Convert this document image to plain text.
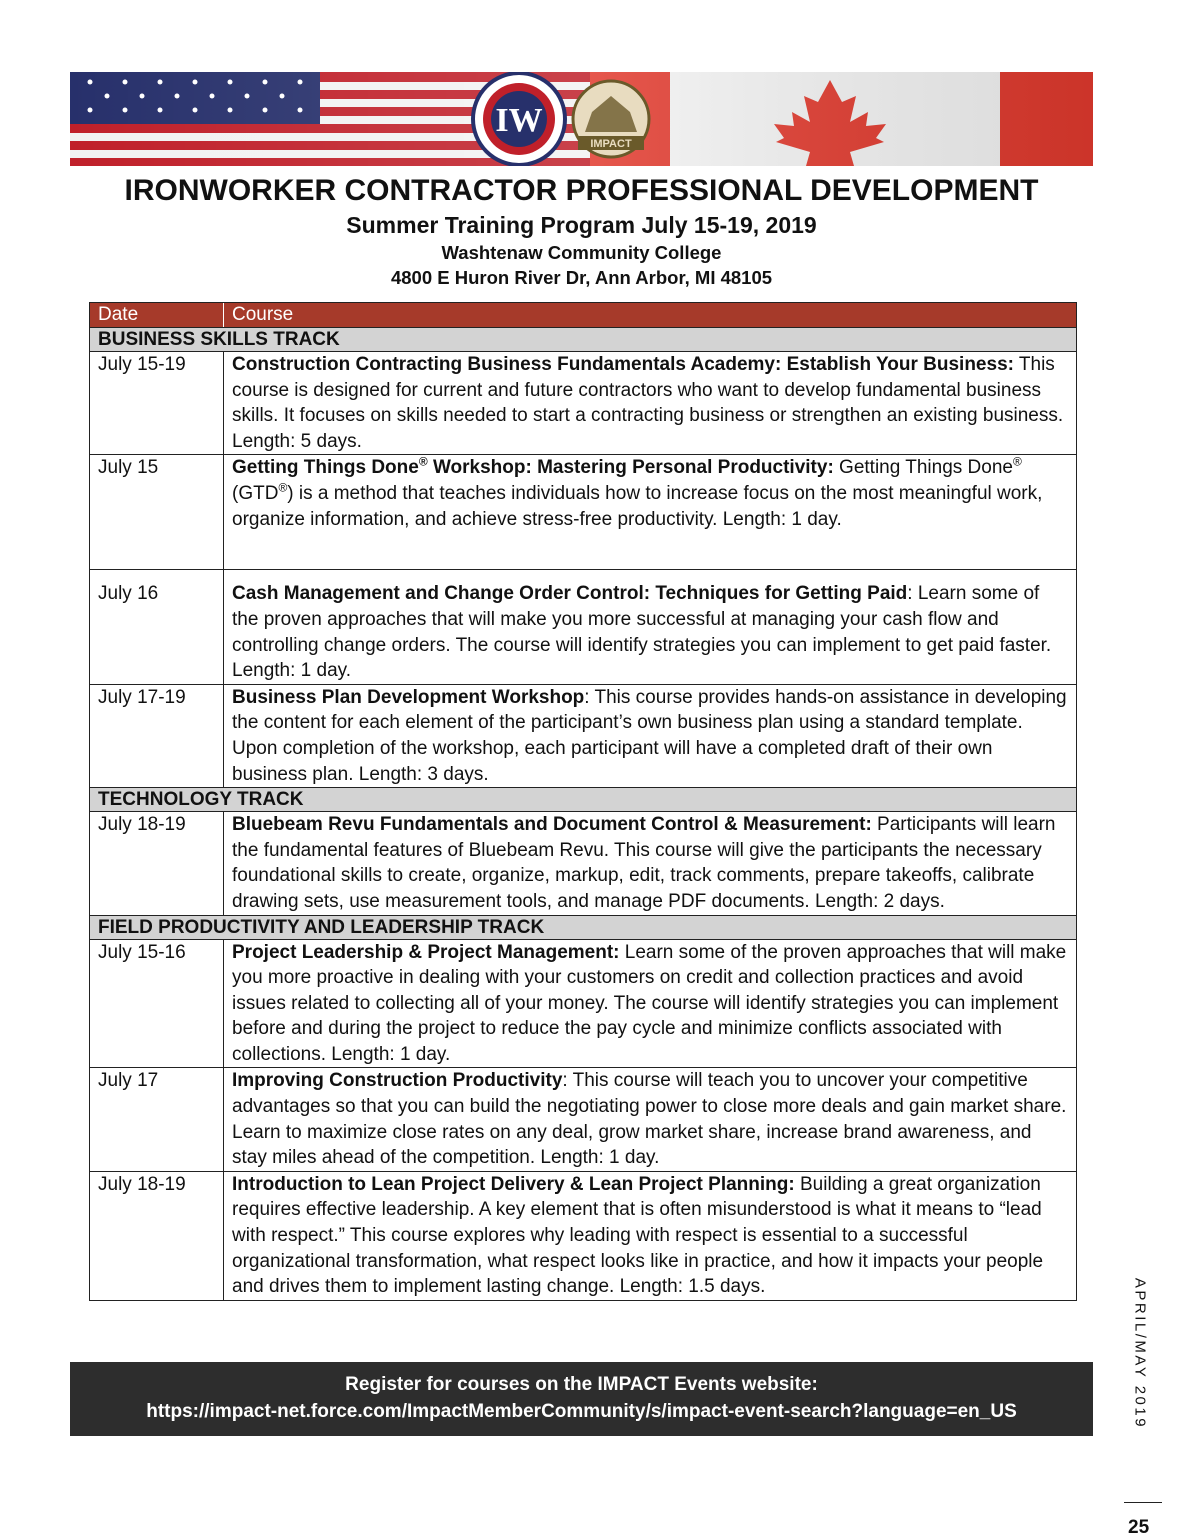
IW
IMPACT

IRONWORKER CONTRACTOR PROFESSIONAL DEVELOPMENT

Summer Training Program July 15-19, 2019

Washtenaw Community College

4800 E Huron River Dr, Ann Arbor, MI 48105

Date	Course
BUSINESS SKILLS TRACK
July 15-19	Construction Contracting Business Fundamentals Academy: Establish Your Business: This course is designed for current and future contractors who want to develop fundamental business skills. It focuses on skills needed to start a contracting business or strengthen an existing business. Length: 5 days.
July 15	Getting Things Done® Workshop: Mastering Personal Productivity: Getting Things Done® (GTD®) is a method that teaches individuals how to increase focus on the most meaningful work, organize information, and achieve stress-free productivity. Length: 1 day.
July 16	Cash Management and Change Order Control: Techniques for Getting Paid: Learn some of the proven approaches that will make you more successful at managing your cash flow and controlling change orders. The course will identify strategies you can implement to get paid faster. Length: 1 day.
July 17-19	Business Plan Development Workshop: This course provides hands-on assistance in developing the content for each element of the participant’s own business plan using a standard template. Upon completion of the workshop, each participant will have a completed draft of their own business plan. Length: 3 days.
TECHNOLOGY TRACK
July 18-19	Bluebeam Revu Fundamentals and Document Control & Measurement: Participants will learn the fundamental features of Bluebeam Revu. This course will give the participants the necessary foundational skills to create, organize, markup, edit, track comments, prepare takeoffs, calibrate drawing sets, use measurement tools, and manage PDF documents. Length: 2 days.
FIELD PRODUCTIVITY AND LEADERSHIP TRACK
July 15-16	Project Leadership & Project Management: Learn some of the proven approaches that will make you more proactive in dealing with your customers on credit and collection practices and avoid issues related to collecting all of your money. The course will identify strategies you can implement before and during the project to reduce the pay cycle and minimize conflicts associated with collections. Length: 1 day.
July 17	Improving Construction Productivity: This course will teach you to uncover your competitive advantages so that you can build the negotiating power to close more deals and gain market share. Learn to maximize close rates on any deal, grow market share, increase brand awareness, and stay miles ahead of the competition. Length: 1 day.
July 18-19	Introduction to Lean Project Delivery & Lean Project Planning: Building a great organization requires effective leadership. A key element that is often misunderstood is what it means to “lead with respect.” This course explores why leading with respect is essential to a successful organizational transformation, what respect looks like in practice, and how it impacts your people and drives them to implement lasting change. Length: 1.5 days.
Register for courses on the IMPACT Events website:
https://impact-net.force.com/ImpactMemberCommunity/s/impact-event-search?language=en_US	APRIL/MAY 2019
25
